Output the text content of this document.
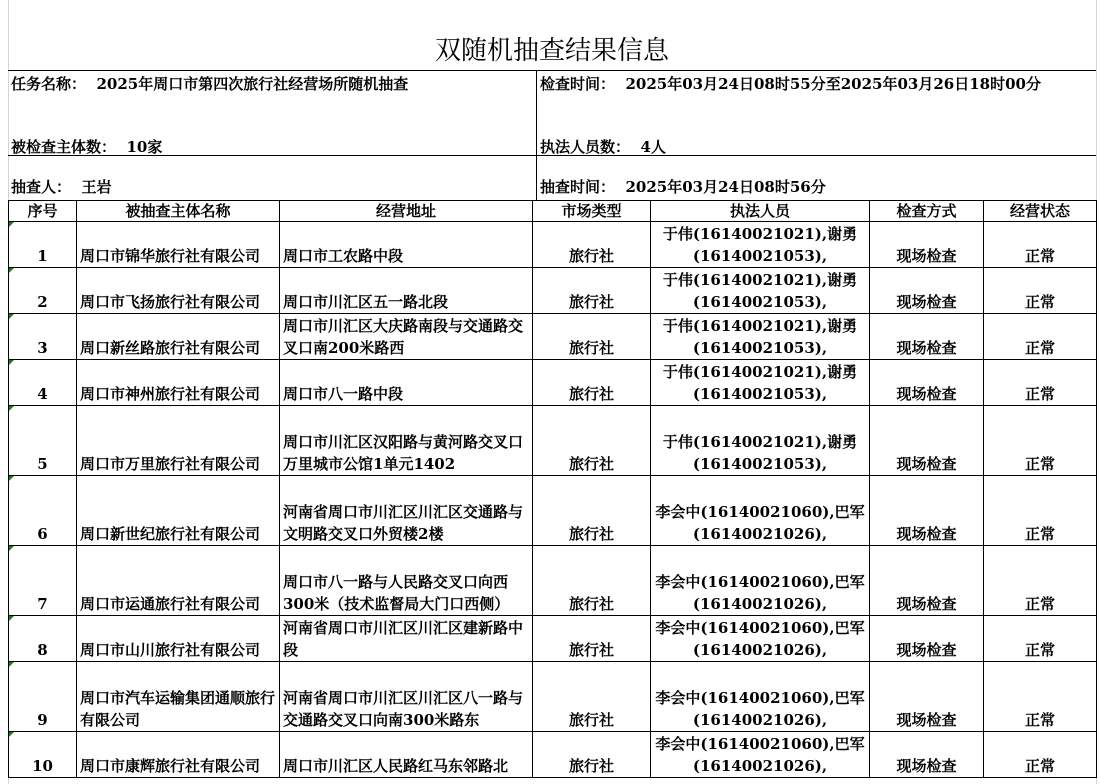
双随机抽查结果信息
任务名称： 2025年周口市第四次旅行社经营场所随机抽查	检查时间： 2025年03月24日08时55分至2025年03月26日18时00分
被检查主体数： 10家	执法人员数： 4人
抽查人： 王岩	抽查时间： 2025年03月24日08时56分
序号	被抽查主体名称	经营地址	市场类型	执法人员	检查方式	经营状态
1	周口市锦华旅行社有限公司	周口市工农路中段	旅行社	于伟(16140021021),谢勇(16140021053),	现场检查	正常
2	周口市飞扬旅行社有限公司	周口市川汇区五一路北段	旅行社	于伟(16140021021),谢勇(16140021053),	现场检查	正常
3	周口新丝路旅行社有限公司	周口市川汇区大庆路南段与交通路交叉口南200米路西	旅行社	于伟(16140021021),谢勇(16140021053),	现场检查	正常
4	周口市神州旅行社有限公司	周口市八一路中段	旅行社	于伟(16140021021),谢勇(16140021053),	现场检查	正常
5	周口市万里旅行社有限公司	周口市川汇区汉阳路与黄河路交叉口万里城市公馆1单元1402	旅行社	于伟(16140021021),谢勇(16140021053),	现场检查	正常
6	周口新世纪旅行社有限公司	河南省周口市川汇区川汇区交通路与文明路交叉口外贸楼2楼	旅行社	李会中(16140021060),巴军(16140021026),	现场检查	正常
7	周口市运通旅行社有限公司	周口市八一路与人民路交叉口向西300米（技术监督局大门口西侧）	旅行社	李会中(16140021060),巴军(16140021026),	现场检查	正常
8	周口市山川旅行社有限公司	河南省周口市川汇区川汇区建新路中段	旅行社	李会中(16140021060),巴军(16140021026),	现场检查	正常
9	周口市汽车运输集团通顺旅行有限公司	河南省周口市川汇区川汇区八一路与交通路交叉口向南300米路东	旅行社	李会中(16140021060),巴军(16140021026),	现场检查	正常
10	周口市康辉旅行社有限公司	周口市川汇区人民路红马东邻路北	旅行社	李会中(16140021060),巴军(16140021026),	现场检查	正常
